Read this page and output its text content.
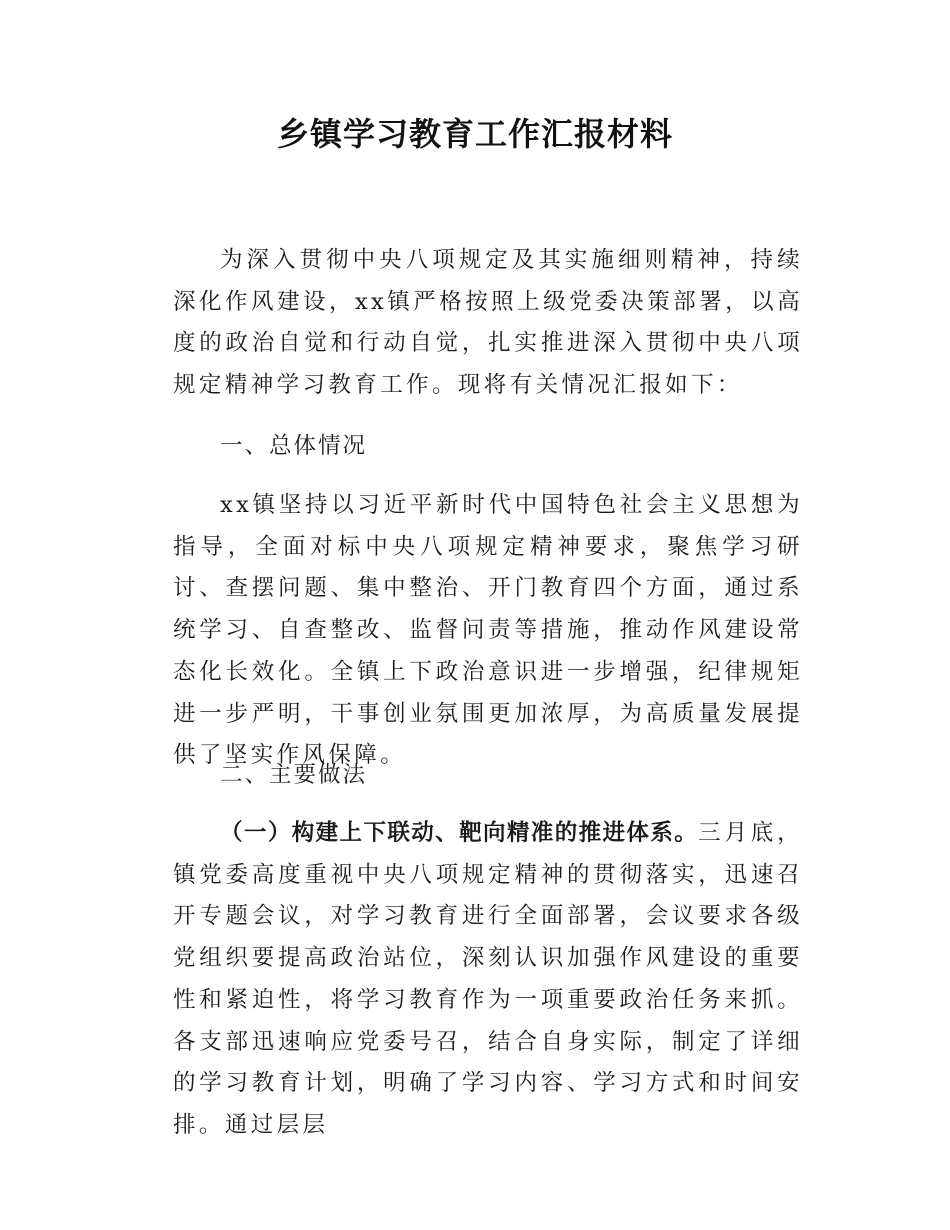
乡镇学习教育工作汇报材料
为深入贯彻中央八项规定及其实施细则精神，持续深化作风建设，xx镇严格按照上级党委决策部署，以高度的政治自觉和行动自觉，扎实推进深入贯彻中央八项规定精神学习教育工作。现将有关情况汇报如下：
一、总体情况
xx镇坚持以习近平新时代中国特色社会主义思想为指导，全面对标中央八项规定精神要求，聚焦学习研讨、查摆问题、集中整治、开门教育四个方面，通过系统学习、自查整改、监督问责等措施，推动作风建设常态化长效化。全镇上下政治意识进一步增强，纪律规矩进一步严明，干事创业氛围更加浓厚，为高质量发展提供了坚实作风保障。
二、主要做法
（一）构建上下联动、靶向精准的推进体系。三月底，镇党委高度重视中央八项规定精神的贯彻落实，迅速召开专题会议，对学习教育进行全面部署，会议要求各级党组织要提高政治站位，深刻认识加强作风建设的重要性和紧迫性，将学习教育作为一项重要政治任务来抓。各支部迅速响应党委号召，结合自身实际，制定了详细的学习教育计划，明确了学习内容、学习方式和时间安排。通过层层
